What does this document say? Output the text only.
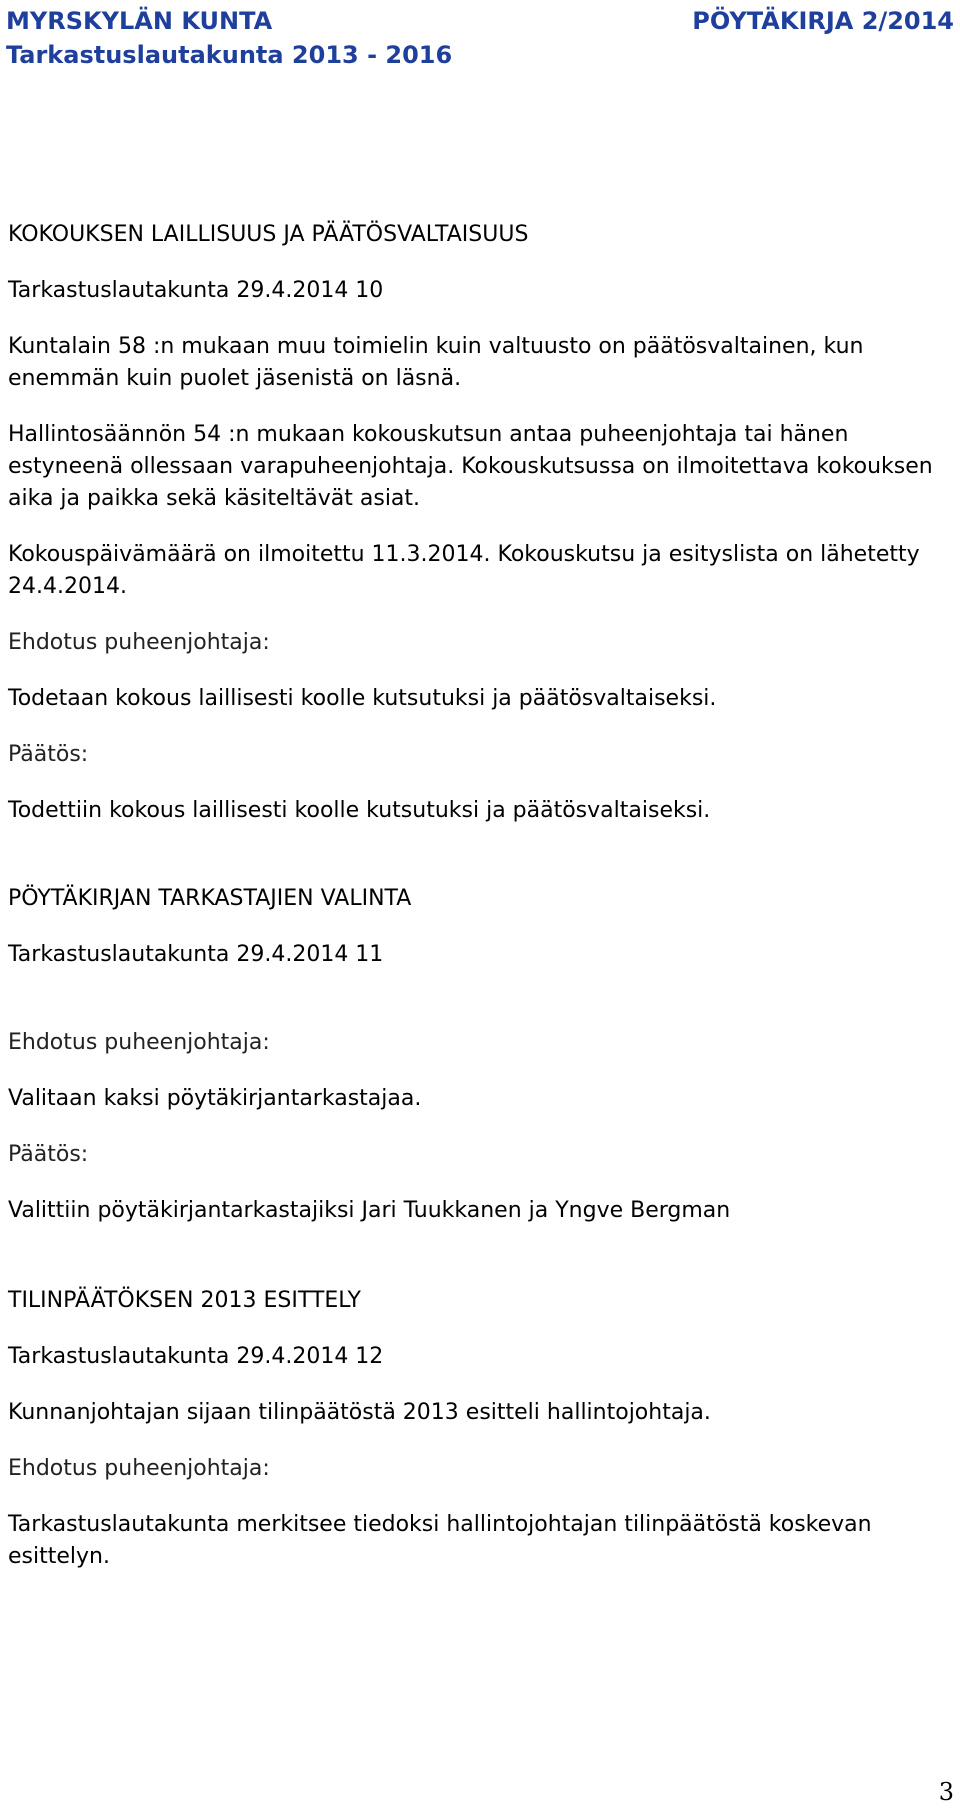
MYRSKYLÄN KUNTA	PÖYTÄKIRJA 2/2014
Tarkastuslautakunta 2013 - 2016

KOKOUKSEN LAILLISUUS JA PÄÄTÖSVALTAISUUS

Tarkastuslautakunta 29.4.2014 10

Kuntalain 58 :n mukaan muu toimielin kuin valtuusto on päätösvaltainen, kun enemmän kuin puolet jäsenistä on läsnä.

Hallintosäännön 54 :n mukaan kokouskutsun antaa puheenjohtaja tai hänen estyneenä ollessaan varapuheenjohtaja. Kokouskutsussa on ilmoitettava kokouksen aika ja paikka sekä käsiteltävät asiat.

Kokouspäivämäärä on ilmoitettu 11.3.2014. Kokouskutsu ja esityslista on lähetetty 24.4.2014.

Ehdotus puheenjohtaja:

Todetaan kokous laillisesti koolle kutsutuksi ja päätösvaltaiseksi.

Päätös:

Todettiin kokous laillisesti koolle kutsutuksi ja päätösvaltaiseksi.

PÖYTÄKIRJAN TARKASTAJIEN VALINTA

Tarkastuslautakunta 29.4.2014 11

Ehdotus puheenjohtaja:

Valitaan kaksi pöytäkirjantarkastajaa.

Päätös:

Valittiin pöytäkirjantarkastajiksi Jari Tuukkanen ja Yngve Bergman

TILINPÄÄTÖKSEN 2013 ESITTELY

Tarkastuslautakunta 29.4.2014 12

Kunnanjohtajan sijaan tilinpäätöstä 2013 esitteli hallintojohtaja.

Ehdotus puheenjohtaja:

Tarkastuslautakunta merkitsee tiedoksi hallintojohtajan tilinpäätöstä koskevan esittelyn.

3
